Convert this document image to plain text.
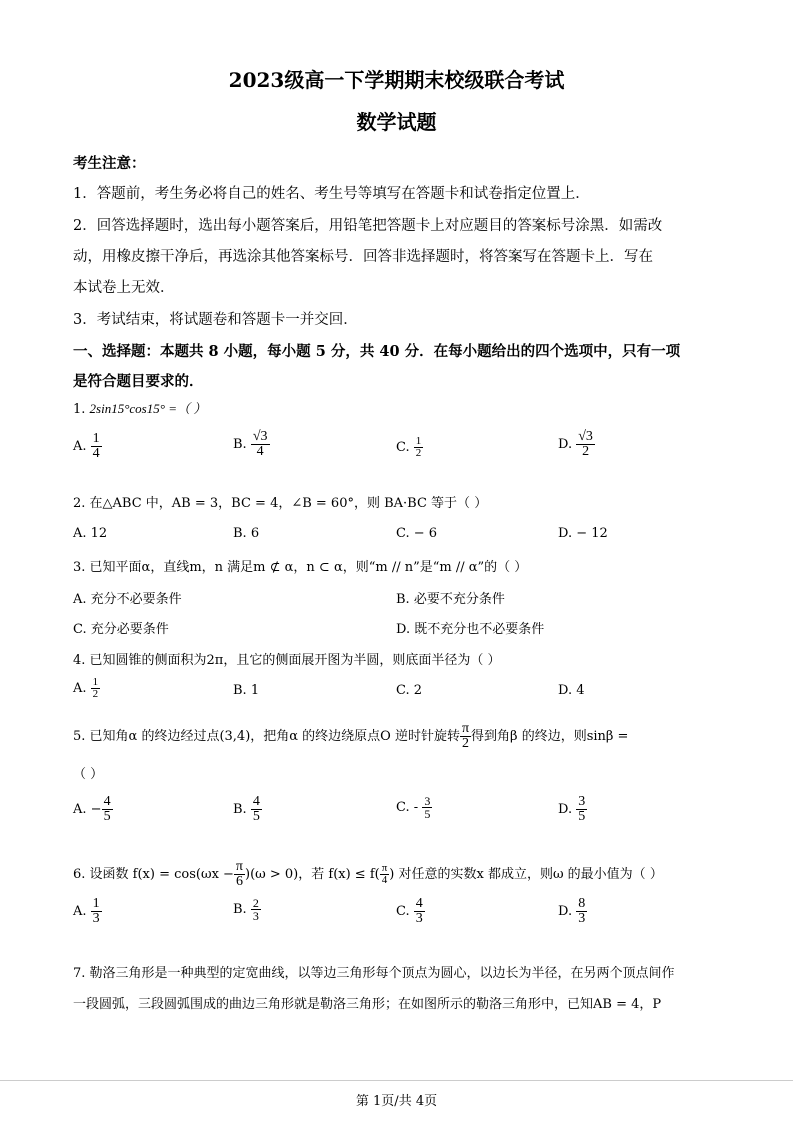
2023级高一下学期期末校级联合考试
数学试题
考生注意：
1．答题前，考生务必将自己的姓名、考生号等填写在答题卡和试卷指定位置上．
2．回答选择题时，选出每小题答案后，用铅笔把答题卡上对应题目的答案标号涂黑．如需改
动，用橡皮擦干净后，再选涂其他答案标号．回答非选择题时，将答案写在答题卡上．写在
本试卷上无效．
3．考试结束，将试题卷和答题卡一并交回．
一、选择题：本题共 8 小题，每小题 5 分，共 40 分．在每小题给出的四个选项中，只有一项
是符合题目要求的．
1. 2sin15°cos15° =（ ）
A. $\frac{1}{4}$	B. $\frac{√3}{4}$	C. $\frac{1}{2}$	D. $\frac{√3}{2}$
2. 在△ABC 中，AB = 3，BC = 4，∠B = 60°，则 BA·BC 等于（ ）
A. 12	B. 6	C. − 6	D. − 12
3. 已知平面α，直线m，n 满足m ⊄ α，n ⊂ α，则“m // n”是“m // α”的（ ）
A. 充分不必要条件	B. 必要不充分条件
C. 充分必要条件	D. 既不充分也不必要条件
4. 已知圆锥的侧面积为2π，且它的侧面展开图为半圆，则底面半径为（ ）
A. $\frac{1}{2}$	B. 1	C. 2	D. 4
5. 已知角α 的终边经过点(3,4)，把角α 的终边绕原点O 逆时针旋转 $\frac{\pi}{2}$ 得到角β 的终边，则sinβ =
（ ）
A. − $\frac{4}{5}$	B. $\frac{4}{5}$	C. - $\frac{3}{5}$	D. $\frac{3}{5}$
6. 设函数 $f(x) = \cos(\omega x - \frac{\pi}{6} )(\omega > 0)$，若 $f(x) \le f( \frac{\pi}{4}$ ) 对任意的实数x 都成立，则ω 的最小值为（ ）
A. $\frac{1}{3}$	B. $\frac{2}{3}$	C. $\frac{4}{3}$	D. $\frac{8}{3}$
7. 勒洛三角形是一种典型的定宽曲线，以等边三角形每个顶点为圆心，以边长为半径，在另两个顶点间作
一段圆弧，三段圆弧围成的曲边三角形就是勒洛三角形；在如图所示的勒洛三角形中，已知AB = 4，P
第 1页/共 4页
